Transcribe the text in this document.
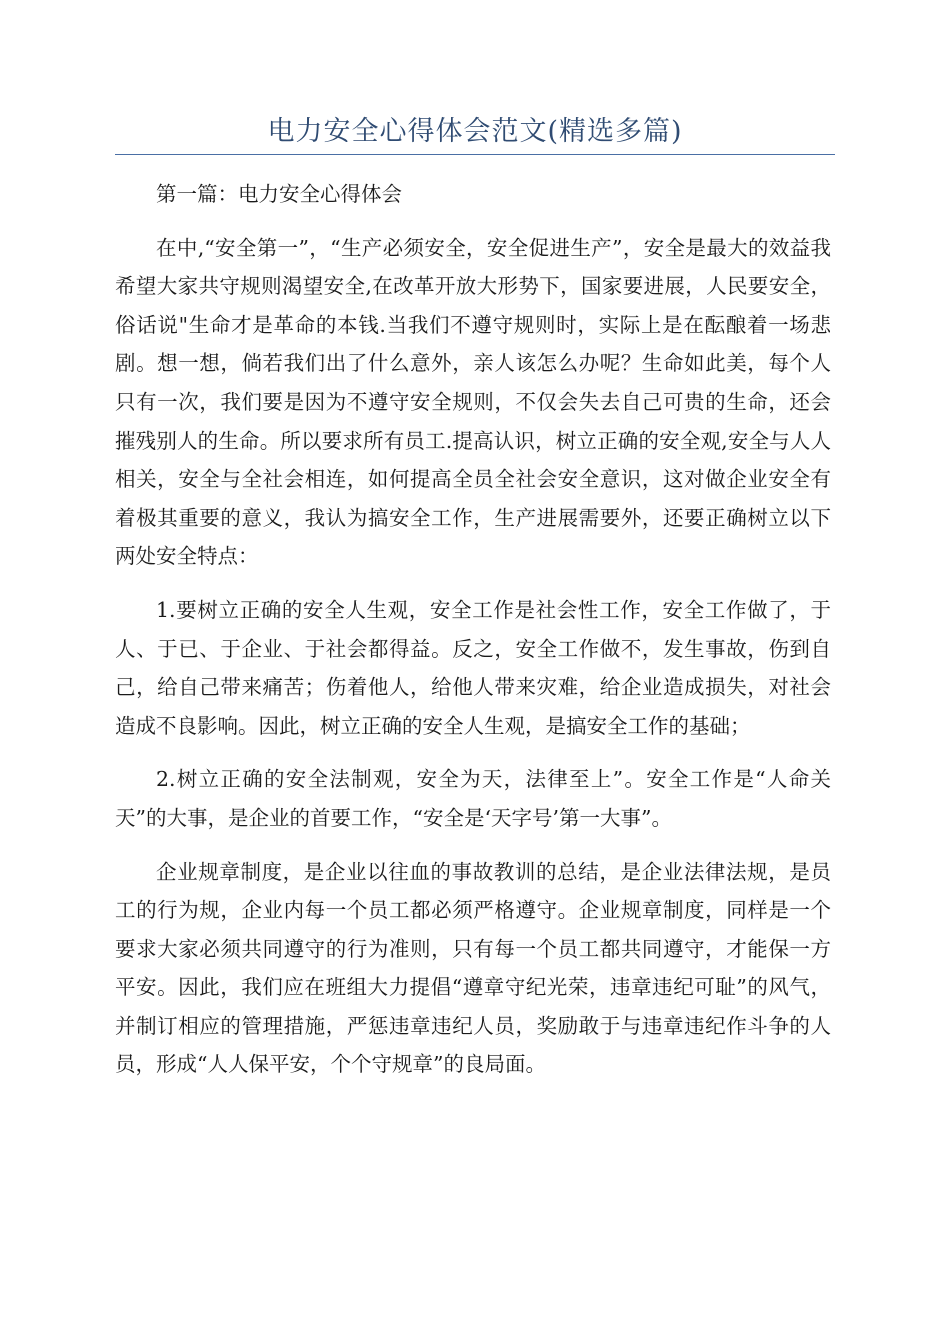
电力安全心得体会范文(精选多篇)

第一篇：电力安全心得体会

在中,“安全第一”，“生产必须安全，安全促进生产”，安全是最大的效益我希望大家共守规则渴望安全,在改革开放大形势下，国家要进展，人民要安全，俗话说"生命才是革命的本钱.当我们不遵守规则时，实际上是在酝酿着一场悲剧。想一想，倘若我们出了什么意外，亲人该怎么办呢？生命如此美，每个人只有一次，我们要是因为不遵守安全规则，不仅会失去自己可贵的生命，还会摧残别人的生命。所以要求所有员工.提高认识，树立正确的安全观,安全与人人相关，安全与全社会相连，如何提高全员全社会安全意识，这对做企业安全有着极其重要的意义，我认为搞安全工作，生产进展需要外，还要正确树立以下两处安全特点：

1.要树立正确的安全人生观，安全工作是社会性工作，安全工作做了，于人、于已、于企业、于社会都得益。反之，安全工作做不，发生事故，伤到自己，给自己带来痛苦；伤着他人，给他人带来灾难，给企业造成损失，对社会造成不良影响。因此，树立正确的安全人生观，是搞安全工作的基础；

2.树立正确的安全法制观，安全为天，法律至上”。安全工作是“人命关天”的大事，是企业的首要工作，“安全是‘天字号’第一大事”。

企业规章制度，是企业以往血的事故教训的总结，是企业法律法规，是员工的行为规，企业内每一个员工都必须严格遵守。企业规章制度，同样是一个要求大家必须共同遵守的行为准则，只有每一个员工都共同遵守，才能保一方平安。因此，我们应在班组大力提倡“遵章守纪光荣，违章违纪可耻”的风气，并制订相应的管理措施，严惩违章违纪人员，奖励敢于与违章违纪作斗争的人员，形成“人人保平安，个个守规章”的良局面。
